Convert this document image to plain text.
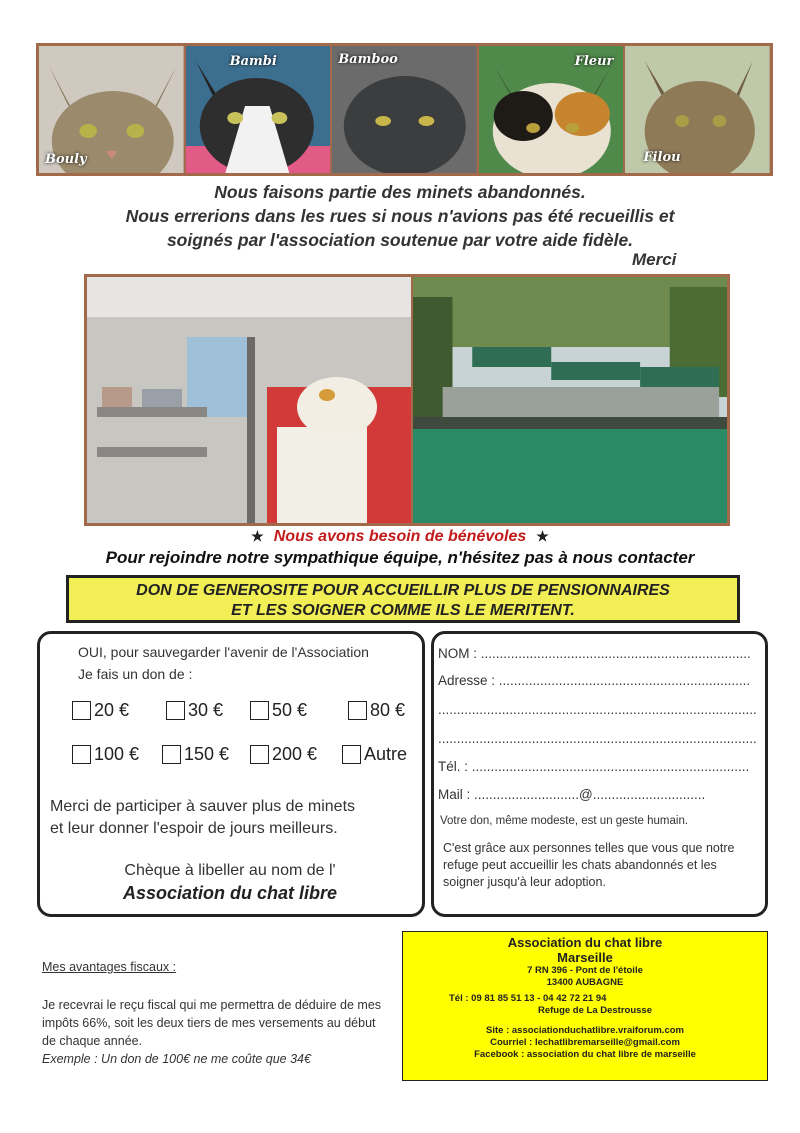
Bouly
Bambi	Bamboo	Fleur
Filou
Nous faisons partie des minets abandonnés.
Nous errerions dans les rues si nous n'avions pas été recueillis et
soignés par l'association soutenue par votre aide fidèle.
Merci
★ Nous avons besoin de bénévoles ★
Pour rejoindre notre sympathique équipe, n'hésitez pas à nous contacter
DON DE GENEROSITE POUR ACCUEILLIR PLUS DE PENSIONNAIRES
ET LES SOIGNER COMME ILS LE MERITENT.
OUI, pour sauvegarder l'avenir de l'Association
Je fais un don de :
20 €	30 €	50 €	80 €
100 € 150 € 200 €	Autre
Merci de participer à sauver plus de minets
et leur donner l'espoir de jours meilleurs.
Chèque à libeller au nom de l'
Association du chat libre
NOM : ........................................................................
Adresse : ...................................................................
.....................................................................................
.....................................................................................
Tél. : ..........................................................................
Mail : ............................@..............................
Votre don, même modeste, est un geste humain.
C'est grâce aux personnes telles que vous que notre refuge peut accueillir les chats abandonnés et les soigner jusqu'à leur adoption.
Mes avantages fiscaux :
Je recevrai le reçu fiscal qui me permettra de déduire de mes impôts 66%, soit les deux tiers de mes versements au début de chaque année.
Exemple : Un don de 100€ ne me coûte que 34€
Association du chat libre
Marseille
7 RN 396 - Pont de l'étoile
13400 AUBAGNE
Tél : 09 81 85 51 13 - 04 42 72 21 94
Refuge de La Destrousse
Site : associationduchatlibre.vraiforum.com
Courriel : lechatlibremarseille@gmail.com
Facebook : association du chat libre de marseille
